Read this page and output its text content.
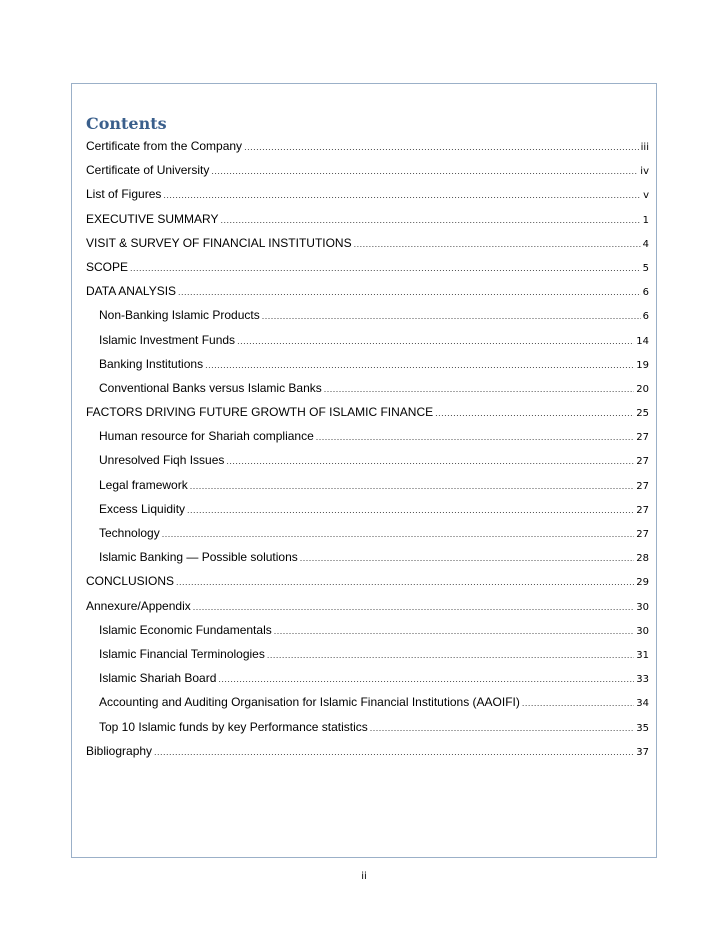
Contents
Certificate from the Company .....	iii
Certificate of University .....	iv
List of Figures .....	v
EXECUTIVE SUMMARY .....	1
VISIT & SURVEY OF FINANCIAL INSTITUTIONS .....	4
SCOPE .....	5
DATA ANALYSIS .....	6
Non-Banking Islamic Products .....	6
Islamic Investment Funds .....	14
Banking Institutions .....	19
Conventional Banks versus Islamic Banks .....	20
FACTORS DRIVING FUTURE GROWTH OF ISLAMIC FINANCE .....	25
Human resource for Shariah compliance .....	27
Unresolved Fiqh Issues .....	27
Legal framework .....	27
Excess Liquidity .....	27
Technology .....	27
Islamic Banking — Possible solutions .....	28
CONCLUSIONS .....	29
Annexure/Appendix .....	30
Islamic Economic Fundamentals .....	30
Islamic Financial Terminologies .....	31
Islamic Shariah Board .....	33
Accounting and Auditing Organisation for Islamic Financial Institutions (AAOIFI) .....	34
Top 10 Islamic funds by key Performance statistics .....	35
Bibliography .....	37
ii
